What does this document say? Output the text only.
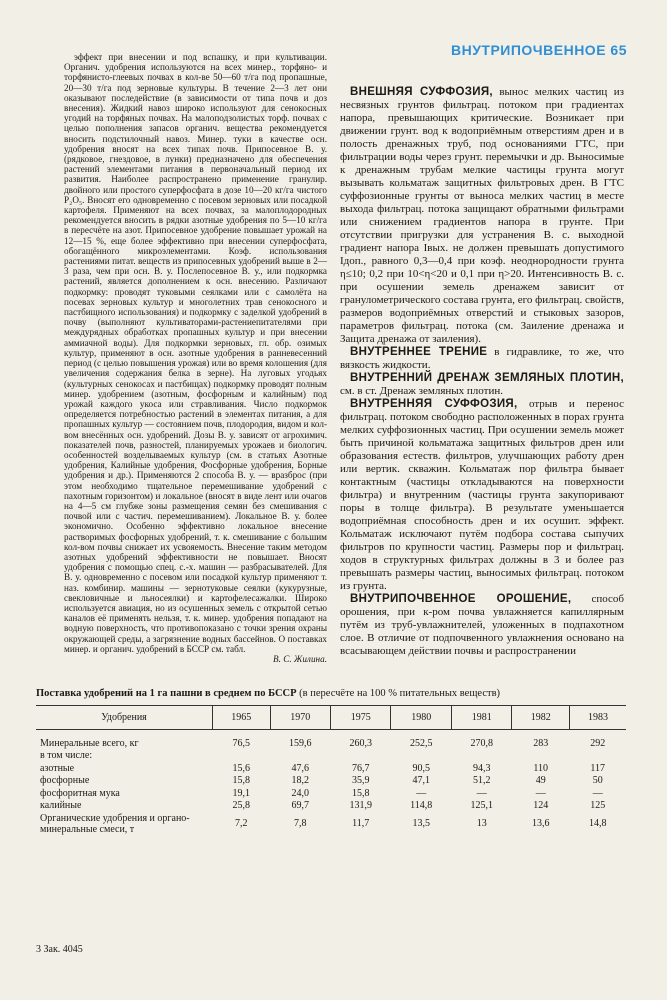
ВНУТРИПОЧВЕННОЕ 65

эффект при внесении и под вспашку, и при культивации. Органич. удобрения используются на всех минер., торфяно- и торфянисто-глеевых почвах в кол-ве 50—60 т/га под пропашные, 20—30 т/га под зерновые культуры. В течение 2—3 лет они оказывают последействие (в зависимости от типа почв и доз внесения). Жидкий навоз широко используют для сенокосных угодий на торфяных почвах. На малоподзолистых торф. почвах с целью пополнения запасов органич. вещества рекомендуется вносить подстилочный навоз. Минер. туки в качестве осн. удобрения вносят на всех типах почв. Припосевное В. у. (рядковое, гнездовое, в лунки) предназначено для обеспечения растений элементами питания в первоначальный период их развития. Наиболее распространено применение гранулир. двойного или простого суперфосфата в дозе 10—20 кг/га чистого P₂O₅. Вносят его одновременно с посевом зерновых или посадкой картофеля. Применяют на всех почвах, за малоплодородных рекомендуется вносить в рядки азотные удобрения по 5—10 кг/га в пересчёте на азот. Припосевное удобрение повышает урожай на 12—15 %, еще более эффективно при внесении суперфосфата, обогащённого микроэлементами. Коэф. использования растениями питат. веществ из припосевных удобрений выше в 2—3 раза, чем при осн. В. у. Послепосевное В. у., или подкормка растений, является дополнением к осн. внесению. Различают подкормку: проводят туковыми сеялками или с самолёта на посевах зерновых культур и многолетних трав сенокосного и пастбищного использования) и подкормку с заделкой удобрений в почву (выполняют культиваторами-растениепитателями при междурядных обработках пропашных культур и при внесении аммиачной воды). Для подкормки зерновых, гл. обр. озимых культур, применяют в осн. азотные удобрения в ранневесенний период (с целью повышения урожая) или во время колошения (для увеличения содержания белка в зерне). На луговых угодьях (культурных сенокосах и пастбищах) подкормку проводят полным минер. удобрением (азотным, фосфорным и калийным) под урожай каждого укоса или стравливания. Число подкормок определяется потребностью растений в элементах питания, а для пропашных культур — состоянием почв, плодородия, видом и кол-вом внесённых осн. удобрений. Дозы В. у. зависят от агрохимич. показателей почв, разностей, планируемых урожаев и биологич. особенностей возделываемых культур (см. в статьях Азотные удобрения, Калийные удобрения, Фосфорные удобрения, Борные удобрения и др.). Применяются 2 способа В. у. — вразброс (при этом необходимо тщательное перемешивание удобрений с пахотным горизонтом) и локальное (вносят в виде лент или очагов на 4—5 см глубже зоны размещения семян без смешивания с почвой или с частич. перемешиванием). Локальное В. у. более экономично. Особенно эффективно локальное внесение растворимых фосфорных удобрений, т. к. смешивание с большим кол-вом почвы снижает их усвояемость. Внесение таким методом азотных удобрений эффективности не повышает. Вносят удобрения с помощью спец. с.-х. машин — разбрасывателей. Для В. у. одновременно с посевом или посадкой культур применяют т. наз. комбинир. машины — зернотуковые сеялки (кукурузные, свекловичные и льносеялки) и картофелесажалки. Широко используется авиация, но из осушенных земель с открытой сетью каналов её применять нельзя, т. к. минер. удобрения попадают на водную поверхность, что противопоказано с точки зрения охраны окружающей среды, а загрязнение водных бассейнов. О поставках минер. и органич. удобрений в БССР см. табл.

В. С. Жилина.

ВНЕШНЯЯ СУФФОЗИЯ, вынос мелких частиц из несвязных грунтов фильтрац. потоком при градиентах напора, превышающих критические. Возникает при движении грунт. вод к водоприёмным отверстиям дрен и в полость дренажных труб, под основаниями ГТС, при фильтрации воды через грунт. перемычки и др. Выносимые к дренажным трубам мелкие частицы грунта могут вызывать кольматаж защитных фильтровых дрен. В ГТС суффозионные грунты от выноса мелких частиц в месте выхода фильтрац. потока защищают обратными фильтрами или снижением градиентов напора в грунте. При отсутствии пригрузки для устранения В. с. выходной градиент напора Iвых. не должен превышать допустимого Iдоп., равного 0,3—0,4 при коэф. неоднородности грунта η≤10; 0,2 при 10<η<20 и 0,1 при η>20. Интенсивность В. с. при осушении земель дренажем зависит от гранулометрического состава грунта, его фильтрац. свойств, размеров водоприёмных отверстий и стыковых зазоров, параметров фильтрац. потока (см. Заиление дренажа и Защита дренажа от заиления).

ВНУТРЕННЕЕ ТРЕНИЕ в гидравлике, то же, что вязкость жидкости.

ВНУТРЕННИЙ ДРЕНАЖ ЗЕМЛЯНЫХ ПЛОТИН, см. в ст. Дренаж земляных плотин.

ВНУТРЕННЯЯ СУФФОЗИЯ, отрыв и перенос фильтрац. потоком свободно расположенных в порах грунта мелких суффозионных частиц. При осушении земель может быть причиной кольматажа защитных фильтров дрен или образования естеств. фильтров, улучшающих работу дрен или вертик. скважин. Кольматаж пор фильтра бывает контактным (частицы откладываются на поверхности фильтра) и внутренним (частицы грунта закупоривают поры в толще фильтра). В результате уменьшается водоприёмная способность дрен и их осушит. эффект. Кольматаж исключают путём подбора состава сыпучих фильтров по крупности частиц. Размеры пор и фильтрац. ходов в структурных фильтрах должны в 3 и более раз превышать размеры частиц, выносимых фильтрац. потоком из грунта.

ВНУТРИПОЧВЕННОЕ ОРОШЕНИЕ, способ орошения, при к-ром почва увлажняется капиллярным путём из труб-увлажнителей, уложенных в подпахотном слое. В отличие от подпочвенного увлажнения основано на всасывающем действии почвы и распространении

Поставка удобрений на 1 га пашни в среднем по БССР (в пересчёте на 100 % питательных веществ)
Удобрения	1965	1970	1975	1980	1981	1982	1983

Минеральные всего, кг	76,5	159,6	260,3	252,5	270,8	283	292
в том числе:							
азотные	15,6	47,6	76,7	90,5	94,3	110	117
фосфорные	15,8	18,2	35,9	47,1	51,2	49	50
фосфоритная мука	19,1	24,0	15,8	—	—	—	—
калийные	25,8	69,7	131,9	114,8	125,1	124	125
Органические удобрения и органо-минеральные смеси, т	7,2	7,8	11,7	13,5	13	13,6	14,8
3 Зак. 4045
